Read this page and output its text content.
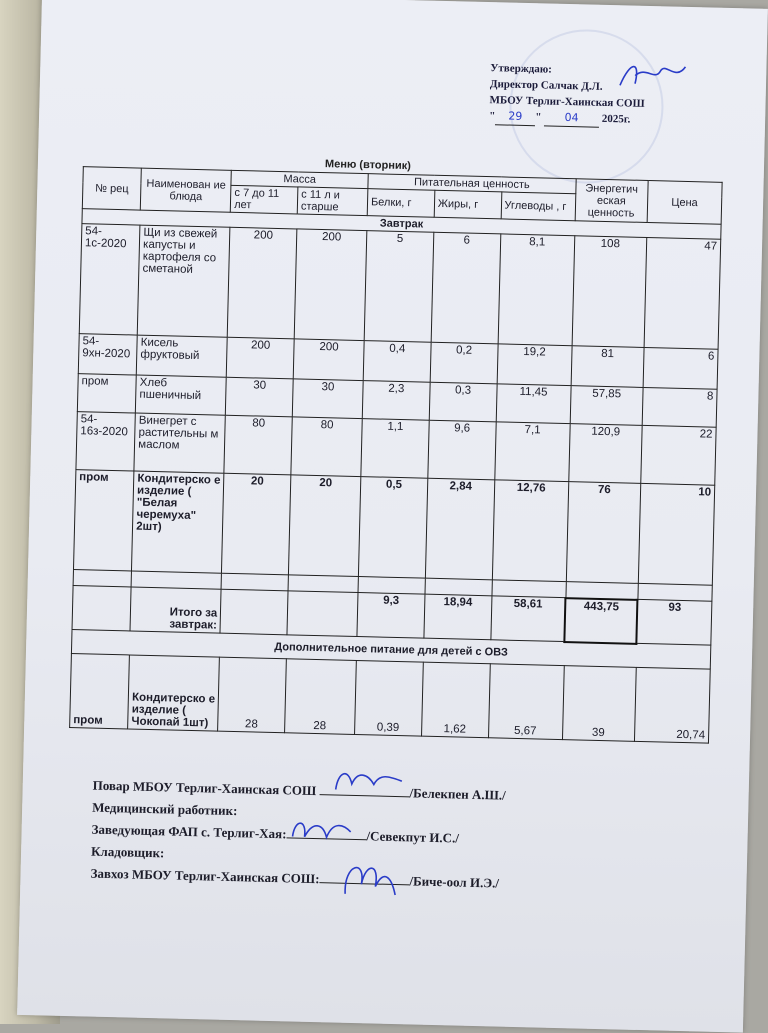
Утверждаю:
Директор Салчак Д.Л.
МБОУ Терлиг-Хаинская СОШ
" 29 " 04 2025г.
Меню (вторник)
№ рец	Наименован ие блюда	Масса		Питательная ценность			Энергетич еская ценность	Цена
		с 7 до 11 лет	с 11 л и старше	Белки, г	Жиры, г	Углеводы , г		
Завтрак								
54-1с-2020	Щи из свежей капусты и картофеля со сметаной	200	200	5	6	8,1	108	47
54-9хн-2020	Кисель фруктовый	200	200	0,4	0,2	19,2	81	6
пром	Хлеб пшеничный	30	30	2,3	0,3	11,45	57,85	8
54-16з-2020	Винегрет с растительны м маслом	80	80	1,1	9,6	7,1	120,9	22
пром	Кондитерско е изделие ( "Белая черемуха" 2шт)	20	20	0,5	2,84	12,76	76	10

	Итого за завтрак:			9,3	18,94	58,61	443,75	93
Дополнительное питание для детей с ОВЗ								
пром	Кондитерско е изделие ( Чокопай 1шт)	28	28	0,39	1,62	5,67	39	20,74
Повар МБОУ Терлиг-Хаинская СОШ	/Белекпен А.Ш./
Медицинский работник:
Заведующая ФАП с. Терлиг-Хая:	/Севекпут И.С./
Кладовщик:
Завхоз МБОУ Терлиг-Хаинская СОШ:	/Биче-оол И.Э./
